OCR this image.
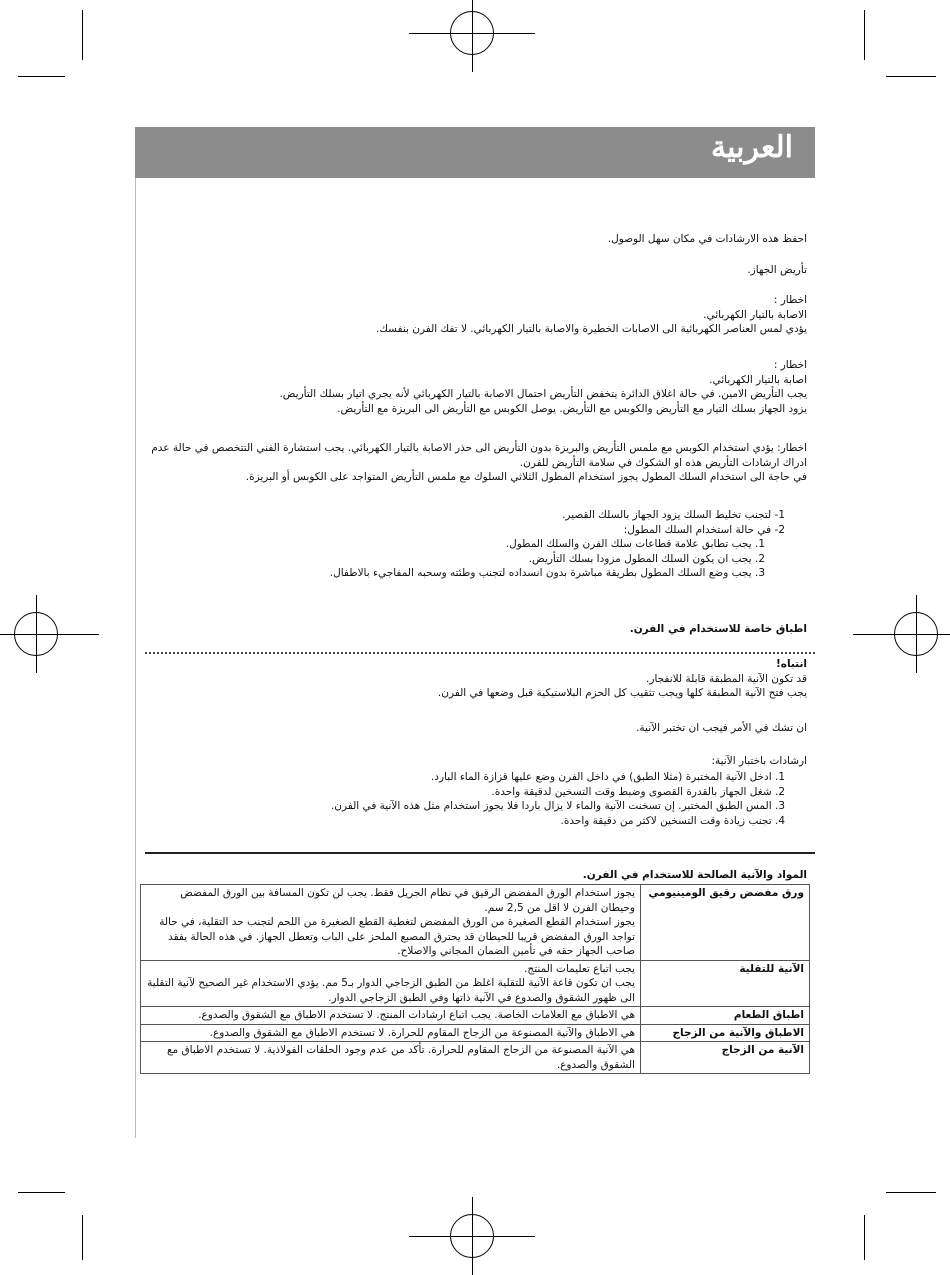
العربية
احفظ هذه الارشادات في مكان سهل الوصول.
تأريض الجهاز.

اخطار :

الاصابة بالتيار الكهربائي.

يؤدي لمس العناصر الكهربائية الى الاصابات الخطيرة والاصابة بالتيار الكهربائي. لا تفك الفرن بنفسك.

اخطار :

اصابة بالتيار الكهربائي.

يجب التأريض الامين. في حالة اغلاق الدائرة يتخفض التأريض احتمال الاصابة بالتيار الكهربائي لأنه يجري اتيار بسلك التأريض.

يزود الجهاز بسلك التيار مع التأريض والكوبس مع التأريض. يوصل الكوبس مع التأريض الى البريزة مع التأريض.

اخطار: يؤدي استخدام الكوبس مع ملمس التأريض والبريزة بدون التأريض الى حذر الاصابة بالتيار الكهربائي. يجب استشارة الفني التتخصص في حالة عدم ادراك ارشادات التأريض هذه او الشكوك في سلامة التأريض للفرن.

في حاجة الى استخدام السلك المطول يجوز استخدام المطول الثلاثي السلوك مع ملمس التأريض المتواجد على الكوبس أو البريزة.

1- لتجنب تخليط السلك يزود الجهاز بالسلك القصير.

2- في حالة استخدام السلك المطول:

1. يجب تطابق علامة قطاعات سلك الفرن والسلك المطول.

2. يجب ان يكون السلك المطول مزودا بسلك التأريض.

3. يجب وضع السلك المطول بطريقة مباشرة بدون انسداده لتجنب وطئته وسحبه المفاجيء بالاطفال.

اطباق خاصة للاستخدام في الفرن.

انتباه!

قد تكون الآنية المطبقة قابلة للانفجار.

يجب فتح الآنية المطبقة كلها ويجب تثقيب كل الحزم البلاستيكية قبل وضعها في الفرن.

ان تشك في الأمر فيجب ان تختبر الآنية.
ارشادات باختبار الآنية:

1. ادخل الآنية المختبرة (مثلا الطبق) في داخل الفرن وضع عليها قزازة الماء البارد.

2. شغل الجهاز بالقدرة القصوى وضبط وقت التسخين لدقيقة واحدة.

3. المس الطبق المختبر. إن تسخنت الآنية والماء لا يزال باردا فلا يجوز استخدام مثل هذه الآنية في الفرن.

4. تجنب زيادة وقت التسخين لاكثر من دقيقة واحدة.

المواد والآنية الصالحة للاستخدام في الفرن.
ورق مفضض رقيق الومينيومي	يجوز استخدام الورق المفضض الرقيق في نظام الجريل فقط. يجب لن تكون المسافة بين الورق المفضض وحيطان الفرن لا اقل من 2,5 سم.
يجوز استخدام القطع الصغيرة من الورق المفضض لتغطية القطع الصغيرة من اللحم لتجنب حد التقلية، في حالة تواجد الورق المفضض قريبا للحيطان قد يحترق المصبع الملحز على الباب وتعطل الجهاز. في هذه الحالة يفقد صاحب الجهاز حقه في تأمين الضمان المجاني والاصلاح.

الآنية للتقلية	يجب اتباع تعليمات المنتج.
يجب ان تكون قاعة الآنية للتقلية اغلظ من الطبق الزجاجي الدوار بـ5 مم. يؤدي الاستخدام غير الصحيح لآنية التقلية الى ظهور الشقوق والصدوع في الآنية ذاتها وفي الطبق الزجاجي الدوار.

اطباق الطعام	هي الاطباق مع العلامات الخاصة. يجب اتباع ارشادات المنتج. لا تستخدم الاطباق مع الشقوق والصدوع.

الاطباق والآنية من الزجاج	هي الاطباق والآنية المصنوعة من الزجاج المقاوم للحرارة. لا تستخدم الاطباق مع الشقوق والصدوع.

الآنية من الزجاج	هي الآنية المصنوعة من الزجاج المقاوم للحرارة. تأكد من عدم وجود الحلقات الفولاذية. لا تستخدم الاطباق مع الشقوق والصدوع.
